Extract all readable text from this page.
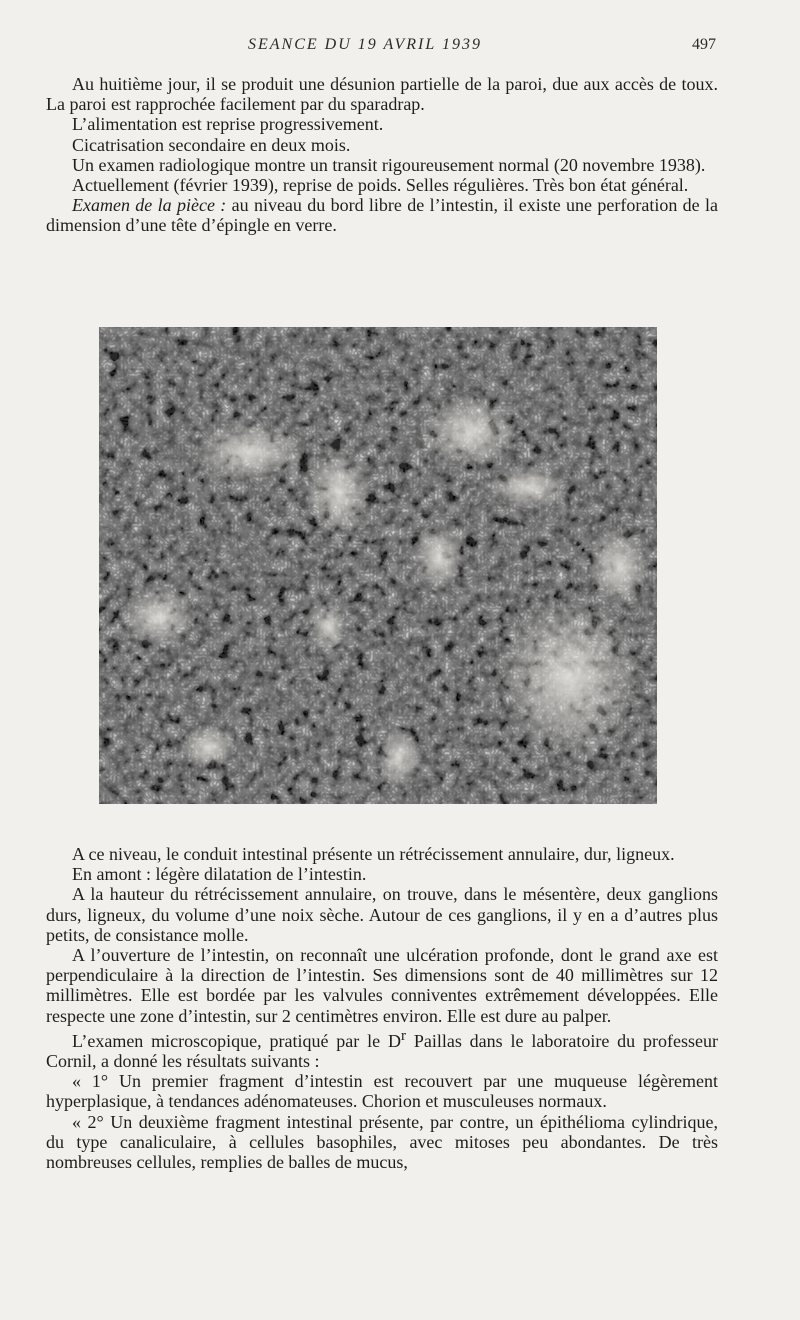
SEANCE DU 19 AVRIL 1939	497

Au huitième jour, il se produit une désunion partielle de la paroi, due aux accès de toux. La paroi est rapprochée facilement par du sparadrap.

L’alimentation est reprise progressivement.

Cicatrisation secondaire en deux mois.

Un examen radiologique montre un transit rigoureusement normal (20 novembre 1938).

Actuellement (février 1939), reprise de poids. Selles régulières. Très bon état général.

Examen de la pièce : au niveau du bord libre de l’intestin, il existe une perforation de la dimension d’une tête d’épingle en verre.

A ce niveau, le conduit intestinal présente un rétrécissement annulaire, dur, ligneux.

En amont : légère dilatation de l’intestin.

A la hauteur du rétrécissement annulaire, on trouve, dans le mésentère, deux ganglions durs, ligneux, du volume d’une noix sèche. Autour de ces ganglions, il y en a d’autres plus petits, de consistance molle.

A l’ouverture de l’intestin, on reconnaît une ulcération profonde, dont le grand axe est perpendiculaire à la direction de l’intestin. Ses dimensions sont de 40 millimètres sur 12 millimètres. Elle est bordée par les valvules conniventes extrêmement développées. Elle respecte une zone d’intestin, sur 2 centimètres environ. Elle est dure au palper.

L’examen microscopique, pratiqué par le $D^r$ Paillas dans le laboratoire du professeur Cornil, a donné les résultats suivants :

« 1° Un premier fragment d’intestin est recouvert par une muqueuse légèrement hyperplasique, à tendances adénomateuses. Chorion et musculeuses normaux.

« 2° Un deuxième fragment intestinal présente, par contre, un épithélioma cylindrique, du type canaliculaire, à cellules basophiles, avec mitoses peu abondantes. De très nombreuses cellules, remplies de balles de mucus,
